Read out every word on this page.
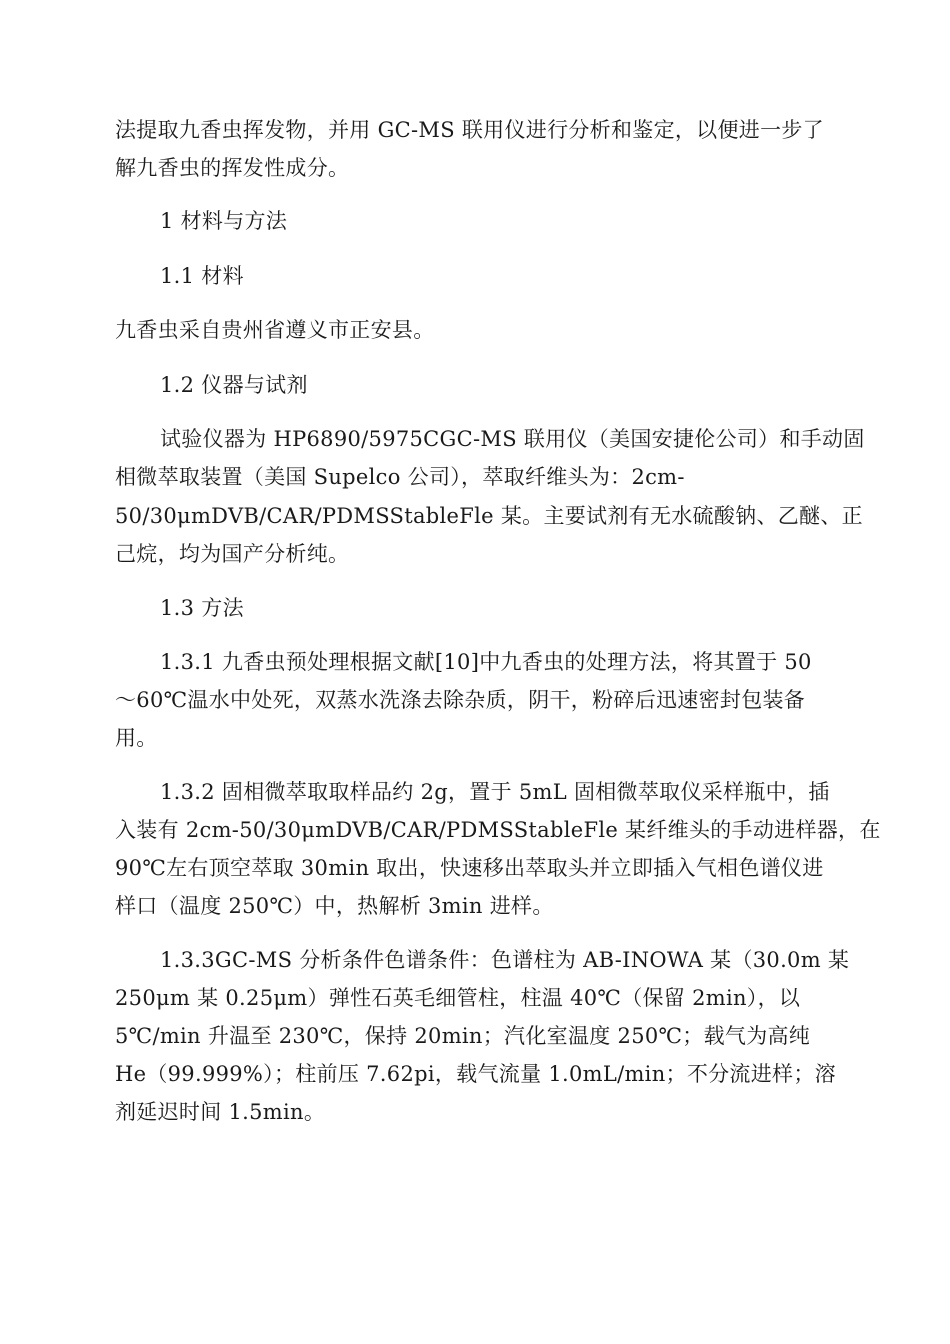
法提取九香虫挥发物，并用 GC-MS 联用仪进行分析和鉴定，以便进一步了
解九香虫的挥发性成分。
1 材料与方法
1.1 材料
九香虫采自贵州省遵义市正安县。
1.2 仪器与试剂
试验仪器为 HP6890/5975CGC-MS 联用仪（美国安捷伦公司）和手动固
相微萃取装置（美国 Supelco 公司），萃取纤维头为：2cm-
50/30μmDVB/CAR/PDMSStableFle 某。主要试剂有无水硫酸钠、乙醚、正
己烷，均为国产分析纯。
1.3 方法
1.3.1 九香虫预处理根据文献[10]中九香虫的处理方法，将其置于 50
～60℃温水中处死，双蒸水洗涤去除杂质，阴干，粉碎后迅速密封包装备
用。
1.3.2 固相微萃取取样品约 2g，置于 5mL 固相微萃取仪采样瓶中，插
入装有 2cm-50/30μmDVB/CAR/PDMSStableFle 某纤维头的手动进样器，在
90℃左右顶空萃取 30min 取出，快速移出萃取头并立即插入气相色谱仪进
样口（温度 250℃）中，热解析 3min 进样。
1.3.3GC-MS 分析条件色谱条件：色谱柱为 AB-INOWA 某（30.0m 某
250μm 某 0.25μm）弹性石英毛细管柱，柱温 40℃（保留 2min），以
5℃/min 升温至 230℃，保持 20min；汽化室温度 250℃；载气为高纯
He（99.999%）；柱前压 7.62pi，载气流量 1.0mL/min；不分流进样；溶
剂延迟时间 1.5min。
